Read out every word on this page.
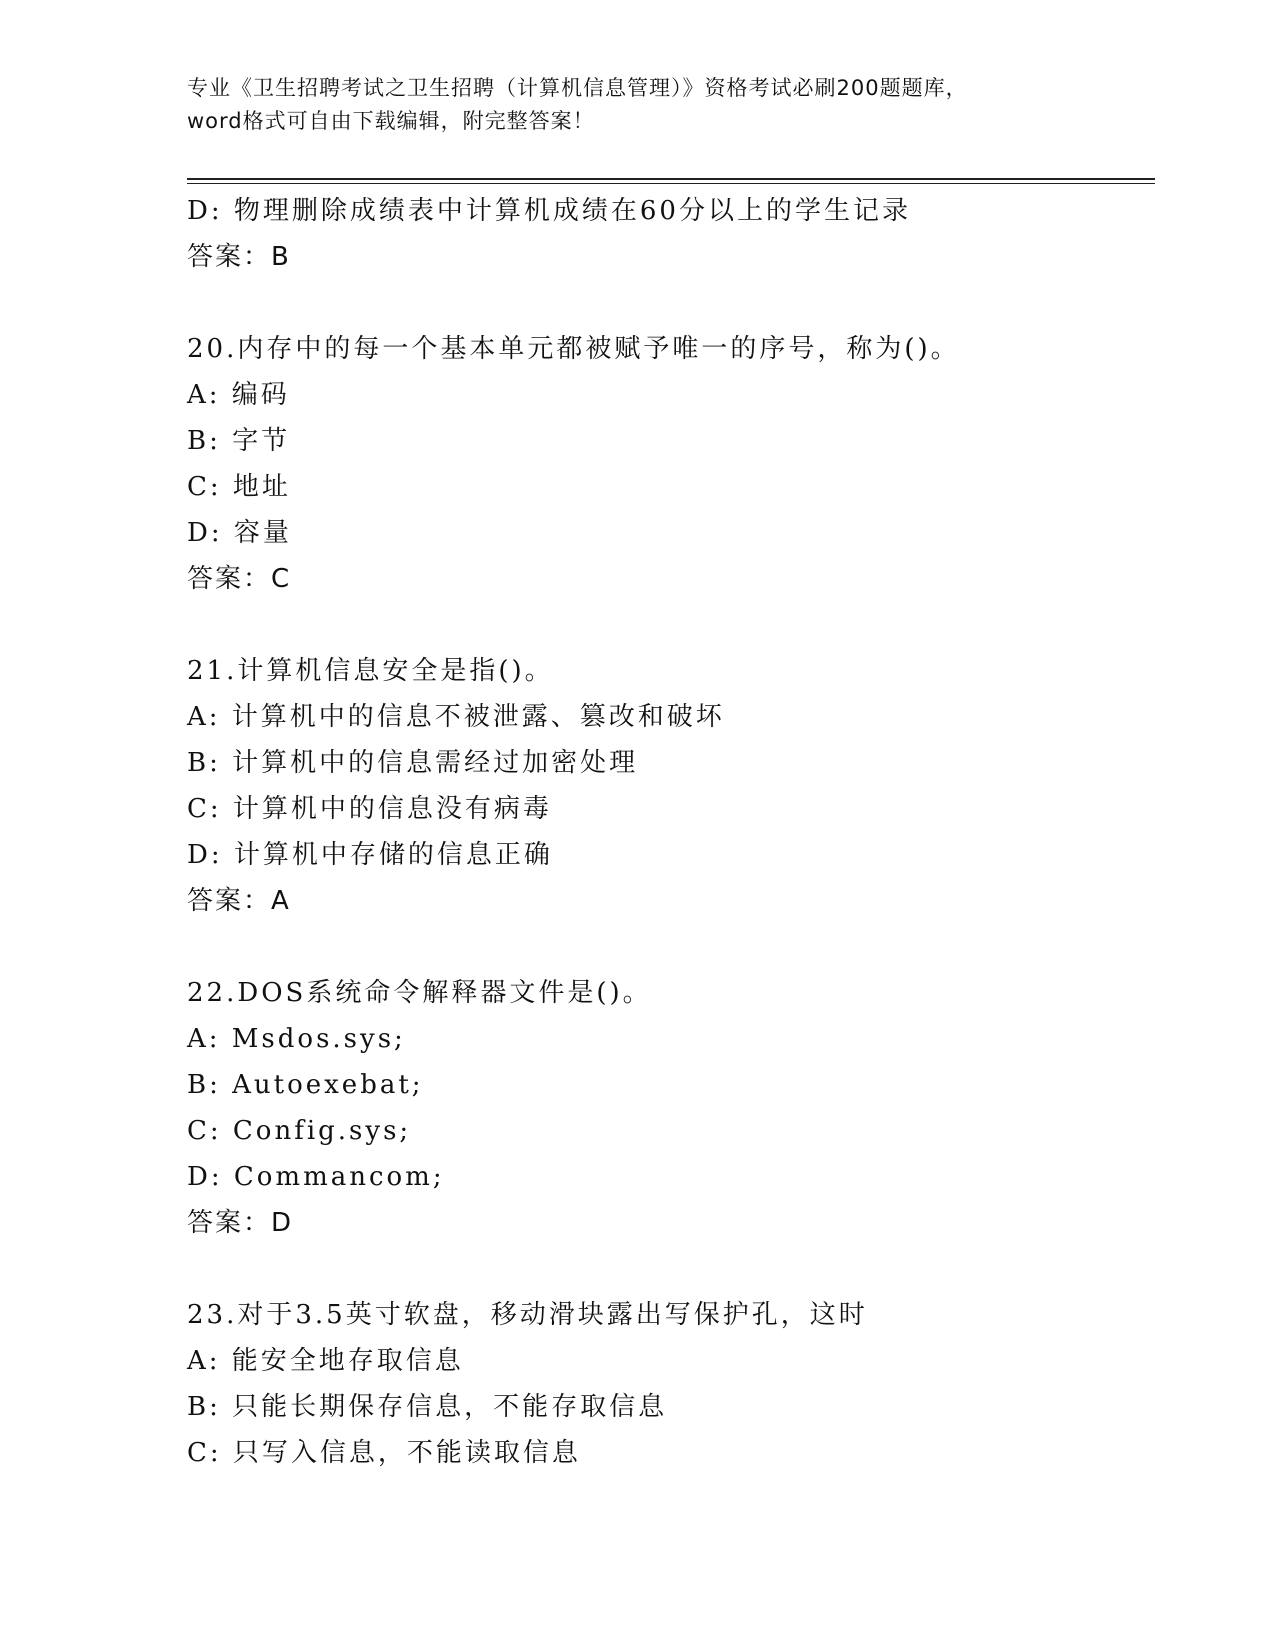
专业《卫生招聘考试之卫生招聘（计算机信息管理）》资格考试必刷200题题库，
word格式可自由下载编辑，附完整答案！
D: 物理删除成绩表中计算机成绩在60分以上的学生记录
答案：B
20.内存中的每一个基本单元都被赋予唯一的序号，称为()。
A: 编码
B: 字节
C: 地址
D: 容量
答案：C
21.计算机信息安全是指()。
A: 计算机中的信息不被泄露、篡改和破坏
B: 计算机中的信息需经过加密处理
C: 计算机中的信息没有病毒
D: 计算机中存储的信息正确
答案：A
22.DOS系统命令解释器文件是()。
A: Msdos.sys;
B: Autoexebat;
C: Config.sys;
D: Commancom;
答案：D
23.对于3.5英寸软盘，移动滑块露出写保护孔，这时
A: 能安全地存取信息
B: 只能长期保存信息，不能存取信息
C: 只写入信息，不能读取信息
